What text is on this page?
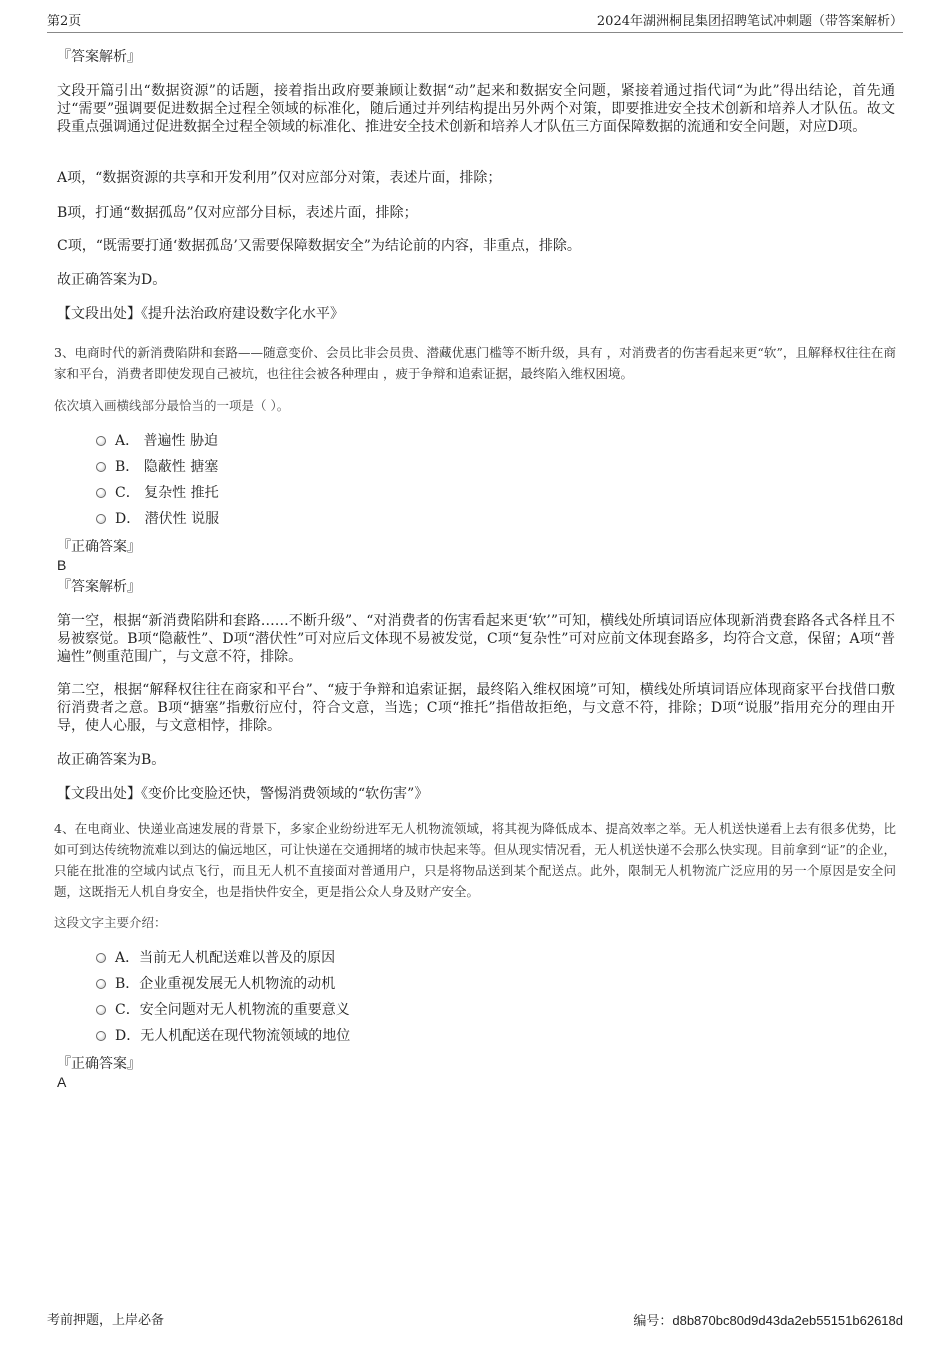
第2页	2024年湖洲桐昆集团招聘笔试冲刺题（带答案解析）
『答案解析』
文段开篇引出“数据资源”的话题，接着指出政府要兼顾让数据“动”起来和数据安全问题，紧接着通过指代词“为此”得出结论，首先通过“需要”强调要促进数据全过程全领域的标准化，随后通过并列结构提出另外两个对策，即要推进安全技术创新和培养人才队伍。故文段重点强调通过促进数据全过程全领域的标准化、推进安全技术创新和培养人才队伍三方面保障数据的流通和安全问题，对应D项。
A项，“数据资源的共享和开发利用”仅对应部分对策，表述片面，排除；
B项，打通“数据孤岛”仅对应部分目标，表述片面，排除；
C项，“既需要打通‘数据孤岛’又需要保障数据安全”为结论前的内容，非重点，排除。
故正确答案为D。
【文段出处】《提升法治政府建设数字化水平》
3、电商时代的新消费陷阱和套路——随意变价、会员比非会员贵、潜藏优惠门槛等不断升级，具有 ，对消费者的伤害看起来更“软”，且解释权往往在商家和平台，消费者即使发现自己被坑，也往往会被各种理由 ，疲于争辩和追索证据，最终陷入维权困境。
依次填入画横线部分最恰当的一项是（ ）。
A． 普遍性 胁迫
B． 隐蔽性 搪塞
C． 复杂性 推托
D． 潜伏性 说服
『正确答案』
B
『答案解析』
第一空，根据“新消费陷阱和套路……不断升级”、“对消费者的伤害看起来更‘软’”可知，横线处所填词语应体现新消费套路各式各样且不易被察觉。B项“隐蔽性”、D项“潜伏性”可对应后文体现不易被发觉，C项“复杂性”可对应前文体现套路多，均符合文意，保留；A项“普遍性”侧重范围广，与文意不符，排除。
第二空，根据“解释权往往在商家和平台”、“疲于争辩和追索证据，最终陷入维权困境”可知，横线处所填词语应体现商家平台找借口敷衍消费者之意。B项“搪塞”指敷衍应付，符合文意，当选；C项“推托”指借故拒绝，与文意不符，排除；D项“说服”指用充分的理由开导，使人心服，与文意相悖，排除。
故正确答案为B。
【文段出处】《变价比变脸还快，警惕消费领域的“软伤害”》
4、在电商业、快递业高速发展的背景下，多家企业纷纷进军无人机物流领域，将其视为降低成本、提高效率之举。无人机送快递看上去有很多优势，比如可到达传统物流难以到达的偏远地区，可让快递在交通拥堵的城市快起来等。但从现实情况看，无人机送快递不会那么快实现。目前拿到“证”的企业，只能在批准的空域内试点飞行，而且无人机不直接面对普通用户，只是将物品送到某个配送点。此外，限制无人机物流广泛应用的另一个原因是安全问题，这既指无人机自身安全，也是指快件安全，更是指公众人身及财产安全。
这段文字主要介绍：
A．当前无人机配送难以普及的原因
B．企业重视发展无人机物流的动机
C．安全问题对无人机物流的重要意义
D．无人机配送在现代物流领域的地位
『正确答案』
A
考前押题，上岸必备	编号：d8b870bc80d9d43da2eb55151b62618d
